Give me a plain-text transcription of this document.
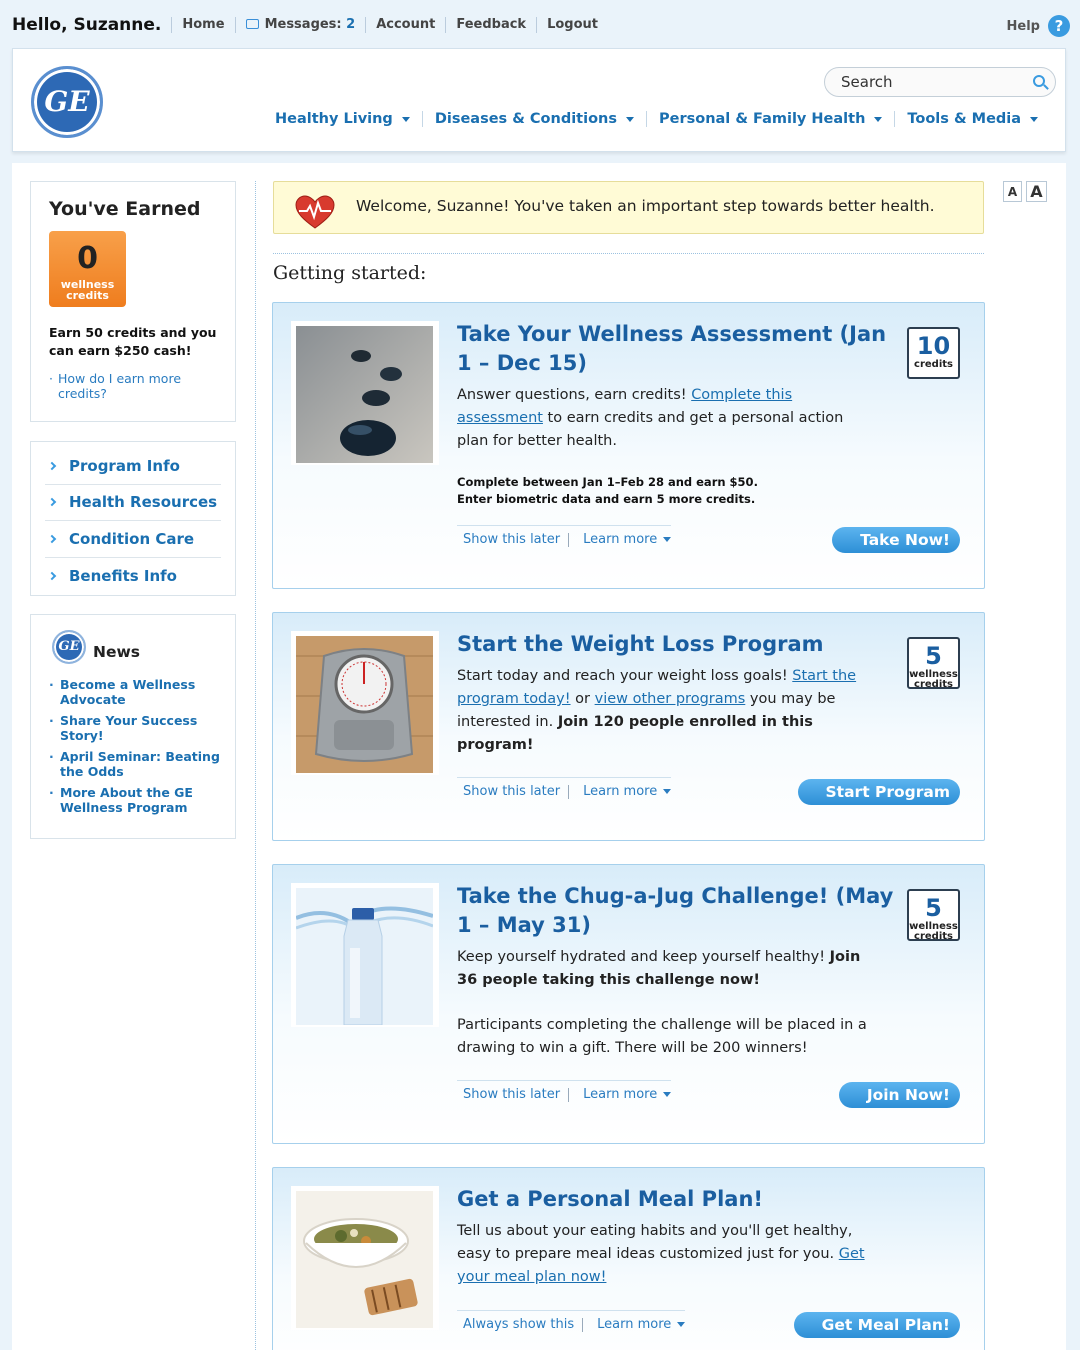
Hello, Suzanne.	Home	Messages: 2	Account	Feedback	Logout	Help ?
GE
Search
Healthy Living	Diseases & Conditions	Personal & Family Health	Tools & Media
You've Earned
0
wellness
credits
Earn 50 credits and you can earn $250 cash!
· How do I earn more credits?
Program Info
Health Resources
Condition Care
Benefits Info
GE News
· Become a Wellness Advocate
· Share Your Success Story!
· April Seminar: Beating the Odds
· More About the GE Wellness Program
A A
Welcome, Suzanne! You've taken an important step towards better health.
Getting started:
Take Your Wellness Assessment (Jan 1 – Dec 15)
10
credits
Answer questions, earn credits! Complete this assessment to earn credits and get a personal action plan for better health.
Complete between Jan 1–Feb 28 and earn $50.
Enter biometric data and earn 5 more credits.
Show this later	Learn more	Take Now!
Start the Weight Loss Program	5
wellness
credits
Start today and reach your weight loss goals! Start the program today! or view other programs you may be interested in. Join 120 people enrolled in this program!
Show this later	Learn more	Start Program
Take the Chug-a-Jug Challenge! (May 1 – May 31)
5
wellness
credits
Keep yourself hydrated and keep yourself healthy! Join 36 people taking this challenge now!
Participants completing the challenge will be placed in a drawing to win a gift. There will be 200 winners!
Show this later	Learn more	Join Now!
Get a Personal Meal Plan!
Tell us about your eating habits and you'll get healthy, easy to prepare meal ideas customized just for you. Get your meal plan now!
Always show this	Learn more	Get Meal Plan!
